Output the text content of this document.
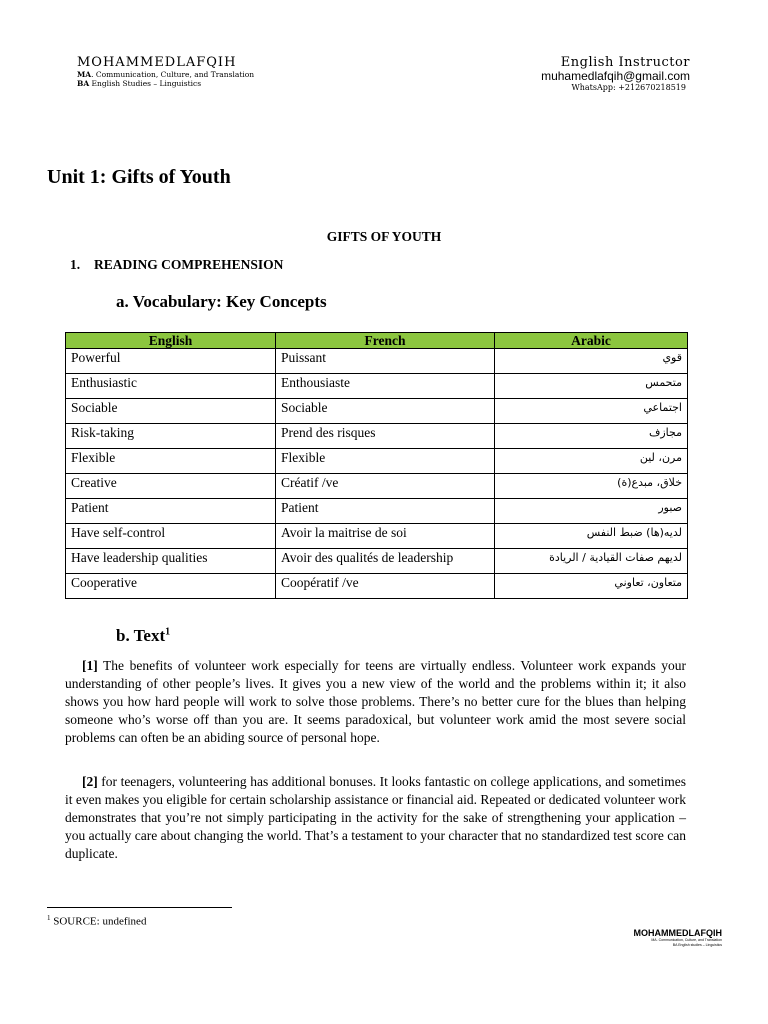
MOHAMMEDLAFQIH
MA. Communication, Culture, and Translation
BA English Studies – Linguistics
English Instructor
muhamedlafqih@gmail.com
WhatsApp: +212670218519
Unit 1: Gifts of Youth
GIFTS OF YOUTH
1. READING COMPREHENSION
a. Vocabulary: Key Concepts
English	French	Arabic
Powerful	Puissant	قوي
Enthusiastic	Enthousiaste	متحمس
Sociable	Sociable	اجتماعي
Risk-taking	Prend des risques	مجازف
Flexible	Flexible	مرن، لين
Creative	Créatif /ve	خلاق، مبدع(ة)
Patient	Patient	صبور
Have self-control	Avoir la maitrise de soi	لديه(ها) ضبط النفس
Have leadership qualities	Avoir des qualités de leadership	لديهم صفات القيادية / الريادة
Cooperative	Coopératif /ve	متعاون، تعاوني
b. Text$^1$
[1] The benefits of volunteer work especially for teens are virtually endless. Volunteer work expands your understanding of other people’s lives. It gives you a new view of the world and the problems within it; it also shows you how hard people will work to solve those problems. There’s no better cure for the blues than helping someone who’s worse off than you are. It seems paradoxical, but volunteer work amid the most severe social problems can often be an abiding source of personal hope.
[2] for teenagers, volunteering has additional bonuses. It looks fantastic on college applications, and sometimes it even makes you eligible for certain scholarship assistance or financial aid. Repeated or dedicated volunteer work demonstrates that you’re not simply participating in the activity for the sake of strengthening your application –you actually care about changing the world. That’s a testament to your character that no standardized test score can duplicate.
$^1$ SOURCE: undefined
MOHAMMEDLAFQIH
MA. Communication, Culture, and Translation
BA English studies – Linguistics
